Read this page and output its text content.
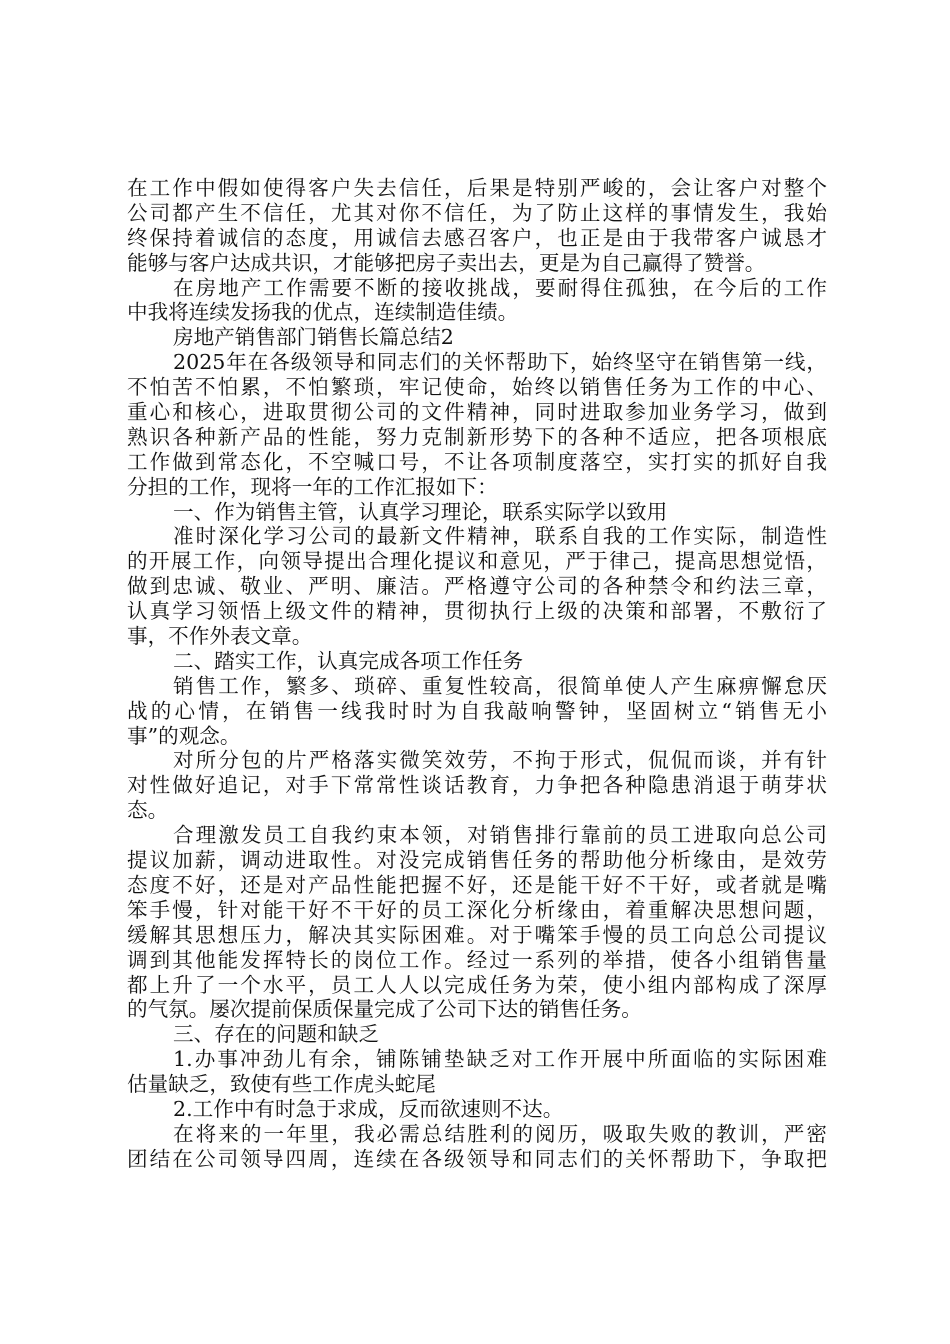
在工作中假如使得客户失去信任，后果是特别严峻的，会让客户对整个
公司都产生不信任，尤其对你不信任，为了防止这样的事情发生，我始
终保持着诚信的态度，用诚信去感召客户，也正是由于我带客户诚恳才
能够与客户达成共识，才能够把房子卖出去，更是为自己赢得了赞誉。
在房地产工作需要不断的接收挑战，要耐得住孤独，在今后的工作
中我将连续发扬我的优点，连续制造佳绩。
房地产销售部门销售长篇总结2
2025年在各级领导和同志们的关怀帮助下，始终坚守在销售第一线，
不怕苦不怕累，不怕繁琐，牢记使命，始终以销售任务为工作的中心、
重心和核心，进取贯彻公司的文件精神，同时进取参加业务学习，做到
熟识各种新产品的性能，努力克制新形势下的各种不适应，把各项根底
工作做到常态化，不空喊口号，不让各项制度落空，实打实的抓好自我
分担的工作，现将一年的工作汇报如下：
一、作为销售主管，认真学习理论，联系实际学以致用
准时深化学习公司的最新文件精神，联系自我的工作实际，制造性
的开展工作，向领导提出合理化提议和意见，严于律己，提高思想觉悟，
做到忠诚、敬业、严明、廉洁。严格遵守公司的各种禁令和约法三章，
认真学习领悟上级文件的精神，贯彻执行上级的决策和部署，不敷衍了
事，不作外表文章。
二、踏实工作，认真完成各项工作任务
销售工作，繁多、琐碎、重复性较高，很简单使人产生麻痹懈怠厌
战的心情，在销售一线我时时为自我敲响警钟，坚固树立“销售无小
事”的观念。
对所分包的片严格落实微笑效劳，不拘于形式，侃侃而谈，并有针
对性做好追记，对手下常常性谈话教育，力争把各种隐患消退于萌芽状
态。
合理激发员工自我约束本领，对销售排行靠前的员工进取向总公司
提议加薪，调动进取性。对没完成销售任务的帮助他分析缘由，是效劳
态度不好，还是对产品性能把握不好，还是能干好不干好，或者就是嘴
笨手慢，针对能干好不干好的员工深化分析缘由，着重解决思想问题，
缓解其思想压力，解决其实际困难。对于嘴笨手慢的员工向总公司提议
调到其他能发挥特长的岗位工作。经过一系列的举措，使各小组销售量
都上升了一个水平，员工人人以完成任务为荣，使小组内部构成了深厚
的气氛。屡次提前保质保量完成了公司下达的销售任务。
三、存在的问题和缺乏
1.办事冲劲儿有余，铺陈铺垫缺乏对工作开展中所面临的实际困难
估量缺乏，致使有些工作虎头蛇尾
2.工作中有时急于求成，反而欲速则不达。
在将来的一年里，我必需总结胜利的阅历，吸取失败的教训，严密
团结在公司领导四周，连续在各级领导和同志们的关怀帮助下，争取把
